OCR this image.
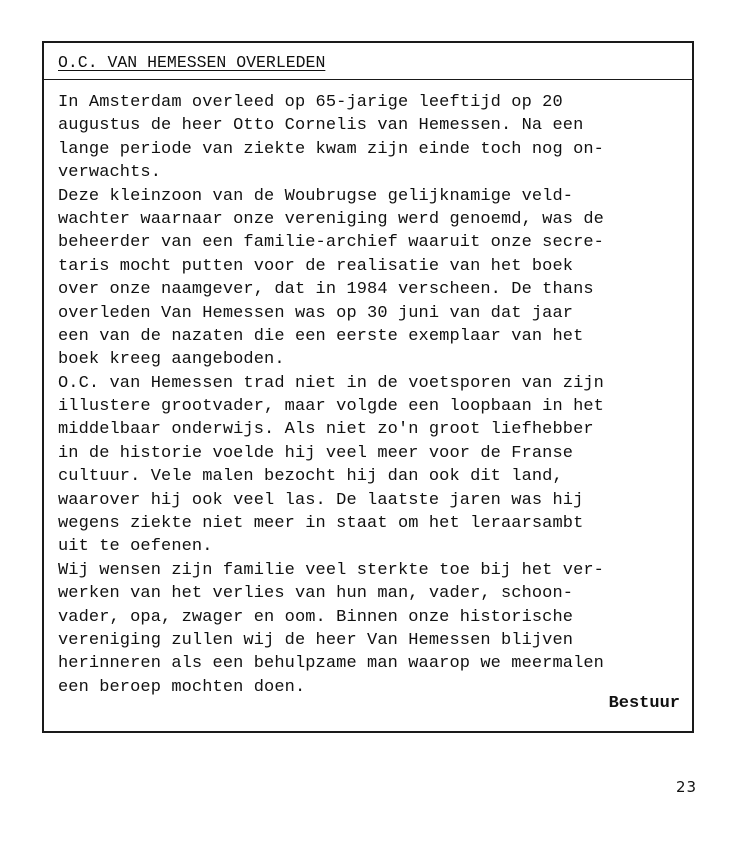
O.C. VAN HEMESSEN OVERLEDEN
In Amsterdam overleed op 65-jarige leeftijd op 20
augustus de heer Otto Cornelis van Hemessen. Na een
lange periode van ziekte kwam zijn einde toch nog on-
verwachts.
Deze kleinzoon van de Woubrugse gelijknamige veld-
wachter waarnaar onze vereniging werd genoemd, was de
beheerder van een familie-archief waaruit onze secre-
taris mocht putten voor de realisatie van het boek
over onze naamgever, dat in 1984 verscheen. De thans
overleden Van Hemessen was op 30 juni van dat jaar
een van de nazaten die een eerste exemplaar van het
boek kreeg aangeboden.
O.C. van Hemessen trad niet in de voetsporen van zijn
illustere grootvader, maar volgde een loopbaan in het
middelbaar onderwijs. Als niet zo'n groot liefhebber
in de historie voelde hij veel meer voor de Franse
cultuur. Vele malen bezocht hij dan ook dit land,
waarover hij ook veel las. De laatste jaren was hij
wegens ziekte niet meer in staat om het leraarsambt
uit te oefenen.
Wij wensen zijn familie veel sterkte toe bij het ver-
werken van het verlies van hun man, vader, schoon-
vader, opa, zwager en oom. Binnen onze historische
vereniging zullen wij de heer Van Hemessen blijven
herinneren als een behulpzame man waarop we meermalen
een beroep mochten doen.
Bestuur
23
